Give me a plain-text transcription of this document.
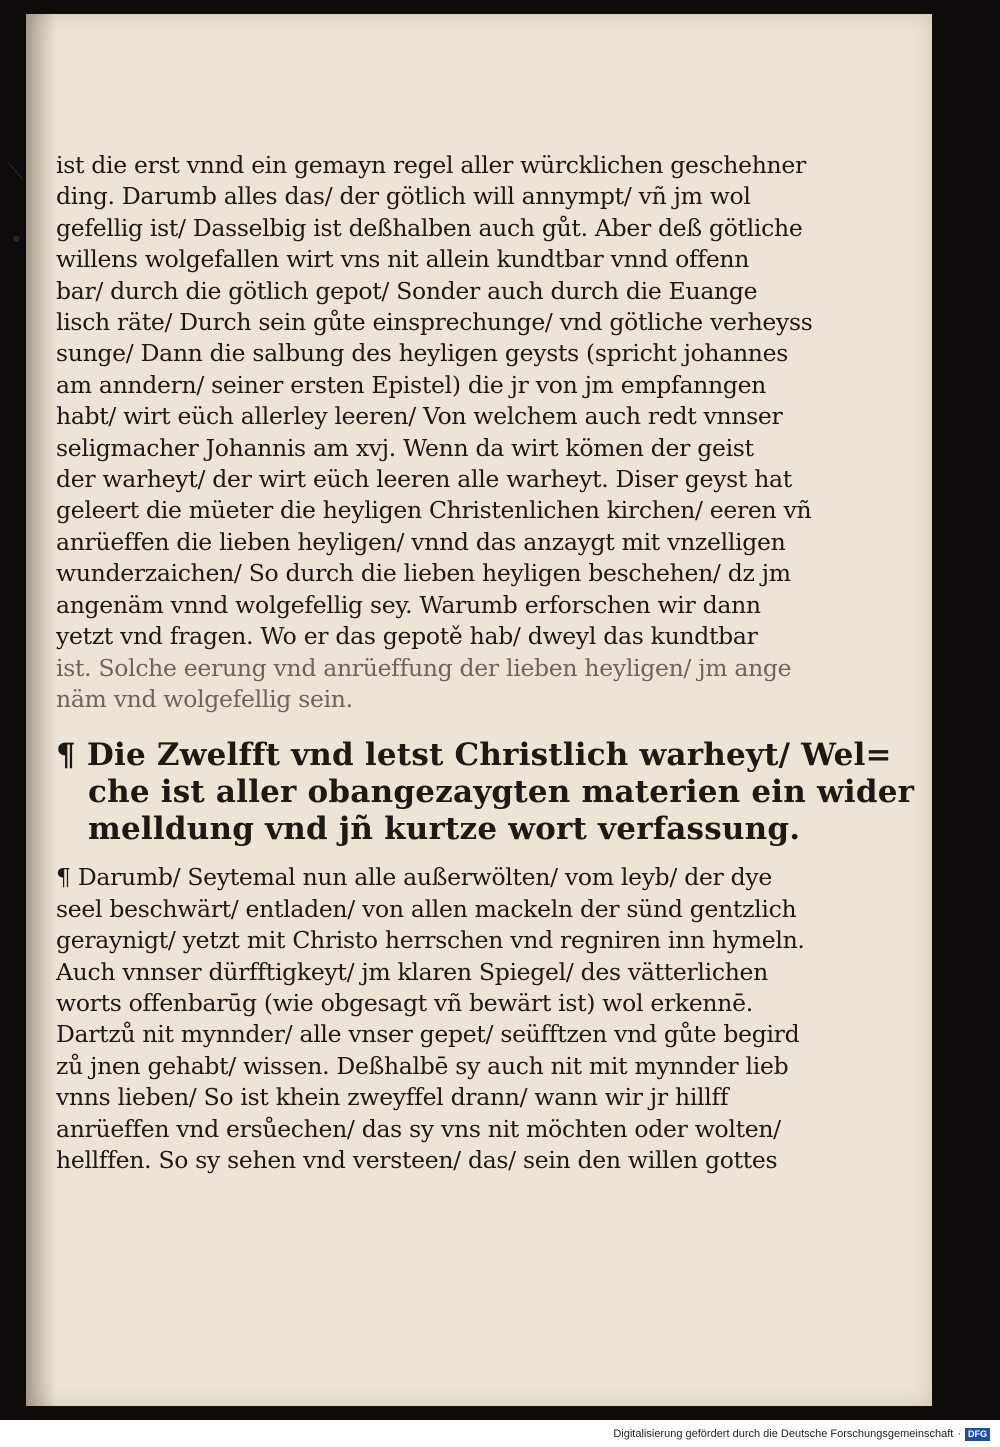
⟍
•
ist die erst vnnd ein gemayn regel aller würcklichen geschehner
ding. Darumb alles das/ der götlich will annympt/ vñ jm wol
gefellig ist/ Dasselbig ist deßhalben auch gůt. Aber deß götliche
willens wolgefallen wirt vns nit allein kundtbar vnnd offenn
bar/ durch die götlich gepot/ Sonder auch durch die Euange
lisch räte/ Durch sein gůte einsprechunge/ vnd götliche verheyss
sunge/ Dann die salbung des heyligen geysts (spricht johannes
am anndern/ seiner ersten Epistel) die jr von jm empfanngen
habt/ wirt eüch allerley leeren/ Von welchem auch redt vnnser
seligmacher Johannis am xvj. Wenn da wirt kömen der geist
der warheyt/ der wirt eüch leeren alle warheyt. Diser geyst hat
geleert die müeter die heyligen Christenlichen kirchen/ eeren vñ
anrüeffen die lieben heyligen/ vnnd das anzaygt mit vnzelligen
wunderzaichen/ So durch die lieben heyligen beschehen/ dz jm
angenäm vnnd wolgefellig sey. Warumb erforschen wir dann
yetzt vnd fragen. Wo er das gepotě hab/ dweyl das kundtbar
ist. Solche eerung vnd anrüeffung der lieben heyligen/ jm ange
näm vnd wolgefellig sein.
¶ Die Zwelfft vnd letst Christlich warheyt/ Wel=
che ist aller obangezaygten materien ein wider
melldung vnd jñ kurtze wort verfassung.
¶ Darumb/ Seytemal nun alle außerwölten/ vom leyb/ der dye
seel beschwärt/ entladen/ von allen mackeln der sünd gentzlich
geraynigt/ yetzt mit Christo herrschen vnd regniren inn hymeln.
Auch vnnser dürfftigkeyt/ jm klaren Spiegel/ des vätterlichen
worts offenbarūg (wie obgesagt vñ bewärt ist) wol erkennē.
Dartzů nit mynnder/ alle vnser gepet/ seüfftzen vnd gůte begird
zů jnen gehabt/ wissen. Deßhalbē sy auch nit mit mynnder lieb
vnns lieben/ So ist khein zweyffel drann/ wann wir jr hillff
anrüeffen vnd ersůechen/ das sy vns nit möchten oder wolten/
hellffen. So sy sehen vnd versteen/ das/ sein den willen gottes
Digitalisierung gefördert durch die Deutsche Forschungsgemeinschaft · DFG
